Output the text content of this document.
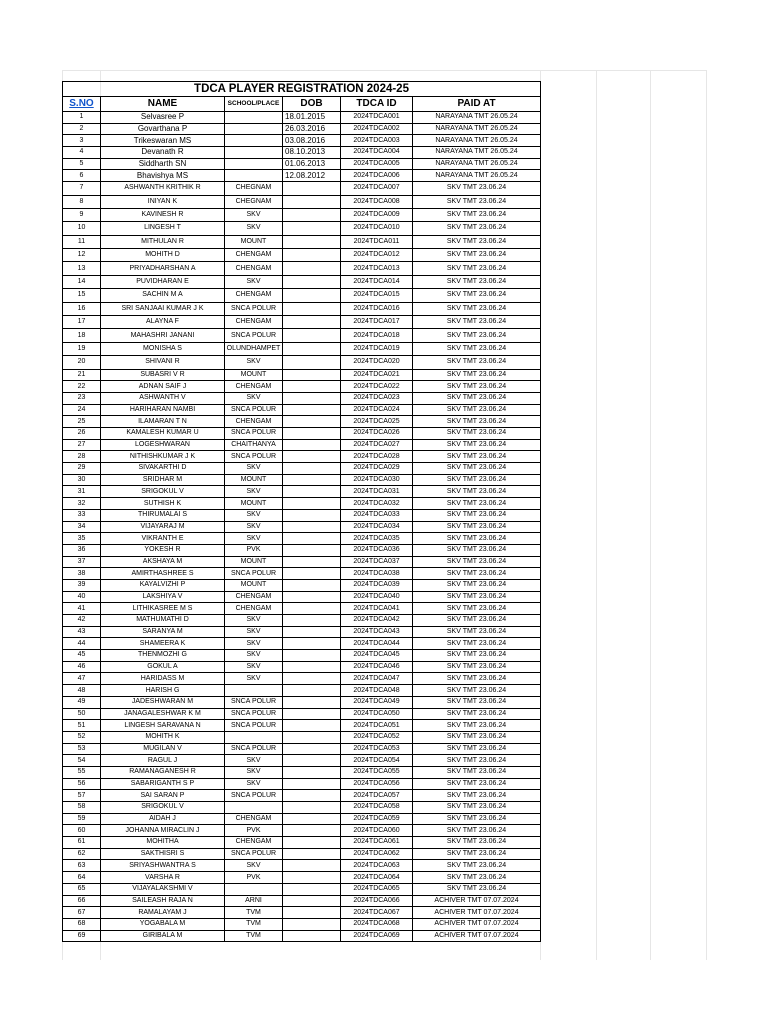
TDCA PLAYER REGISTRATION 2024-25					
S.NO	NAME	SCHOOL/PLACE	DOB	TDCA ID	PAID AT
1	Selvasree P		18.01.2015	2024TDCA001	NARAYANA TMT 26.05.24
2	Govarthana P		26.03.2016	2024TDCA002	NARAYANA TMT 26.05.24
3	Trikeswaran MS		03.08.2016	2024TDCA003	NARAYANA TMT 26.05.24
4	Devanath R		08.10.2013	2024TDCA004	NARAYANA TMT 26.05.24
5	Siddharth SN		01.06.2013	2024TDCA005	NARAYANA TMT 26.05.24
6	Bhavishya MS		12.08.2012	2024TDCA006	NARAYANA TMT 26.05.24
7	ASHWANTH KRITHIK R	CHEGNAM		2024TDCA007	SKV TMT 23.06.24
8	INIYAN K	CHEGNAM		2024TDCA008	SKV TMT 23.06.24
9	KAVINESH R	SKV		2024TDCA009	SKV TMT 23.06.24
10	LINGESH T	SKV		2024TDCA010	SKV TMT 23.06.24
11	MITHULAN R	MOUNT		2024TDCA011	SKV TMT 23.06.24
12	MOHITH D	CHENGAM		2024TDCA012	SKV TMT 23.06.24
13	PRIYADHARSHAN A	CHENGAM		2024TDCA013	SKV TMT 23.06.24
14	PUVIDHARAN E	SKV		2024TDCA014	SKV TMT 23.06.24
15	SACHIN M A	CHENGAM		2024TDCA015	SKV TMT 23.06.24
16	SRI SANJAAI KUMAR J K	SNCA POLUR		2024TDCA016	SKV TMT 23.06.24
17	ALAYNA F	CHENGAM		2024TDCA017	SKV TMT 23.06.24
18	MAHASHRI JANANI	SNCA POLUR		2024TDCA018	SKV TMT 23.06.24
19	MONISHA S	OLUNDHAMPET		2024TDCA019	SKV TMT 23.06.24
20	SHIVANI R	SKV		2024TDCA020	SKV TMT 23.06.24
21	SUBASRI V R	MOUNT		2024TDCA021	SKV TMT 23.06.24
22	ADNAN SAIF J	CHENGAM		2024TDCA022	SKV TMT 23.06.24
23	ASHWANTH V	SKV		2024TDCA023	SKV TMT 23.06.24
24	HARIHARAN NAMBI	SNCA POLUR		2024TDCA024	SKV TMT 23.06.24
25	ILAMARAN T N	CHENGAM		2024TDCA025	SKV TMT 23.06.24
26	KAMALESH KUMAR U	SNCA POLUR		2024TDCA026	SKV TMT 23.06.24
27	LOGESHWARAN	CHAITHANYA		2024TDCA027	SKV TMT 23.06.24
28	NITHISHKUMAR J K	SNCA POLUR		2024TDCA028	SKV TMT 23.06.24
29	SIVAKARTHI D	SKV		2024TDCA029	SKV TMT 23.06.24
30	SRIDHAR M	MOUNT		2024TDCA030	SKV TMT 23.06.24
31	SRIGOKUL V	SKV		2024TDCA031	SKV TMT 23.06.24
32	SUTHISH K	MOUNT		2024TDCA032	SKV TMT 23.06.24
33	THIRUMALAI S	SKV		2024TDCA033	SKV TMT 23.06.24
34	VIJAYARAJ M	SKV		2024TDCA034	SKV TMT 23.06.24
35	VIKRANTH E	SKV		2024TDCA035	SKV TMT 23.06.24
36	YOKESH R	PVK		2024TDCA036	SKV TMT 23.06.24
37	AKSHAYA M	MOUNT		2024TDCA037	SKV TMT 23.06.24
38	AMIRTHASHREE S	SNCA POLUR		2024TDCA038	SKV TMT 23.06.24
39	KAYALVIZHI P	MOUNT		2024TDCA039	SKV TMT 23.06.24
40	LAKSHIYA V	CHENGAM		2024TDCA040	SKV TMT 23.06.24
41	LITHIKASREE M S	CHENGAM		2024TDCA041	SKV TMT 23.06.24
42	MATHUMATHI D	SKV		2024TDCA042	SKV TMT 23.06.24
43	SARANYA M	SKV		2024TDCA043	SKV TMT 23.06.24
44	SHAMEERA K	SKV		2024TDCA044	SKV TMT 23.06.24
45	THENMOZHI G	SKV		2024TDCA045	SKV TMT 23.06.24
46	GOKUL A	SKV		2024TDCA046	SKV TMT 23.06.24
47	HARIDASS M	SKV		2024TDCA047	SKV TMT 23.06.24
48	HARISH G			2024TDCA048	SKV TMT 23.06.24
49	JADESHWARAN M	SNCA POLUR		2024TDCA049	SKV TMT 23.06.24
50	JANAGALESHWAR K M	SNCA POLUR		2024TDCA050	SKV TMT 23.06.24
51	LINGESH SARAVANA N	SNCA POLUR		2024TDCA051	SKV TMT 23.06.24
52	MOHITH K			2024TDCA052	SKV TMT 23.06.24
53	MUGILAN V	SNCA POLUR		2024TDCA053	SKV TMT 23.06.24
54	RAGUL J	SKV		2024TDCA054	SKV TMT 23.06.24
55	RAMANAGANESH R	SKV		2024TDCA055	SKV TMT 23.06.24
56	SABARIGANTH S P	SKV		2024TDCA056	SKV TMT 23.06.24
57	SAI SARAN P	SNCA POLUR		2024TDCA057	SKV TMT 23.06.24
58	SRIGOKUL V			2024TDCA058	SKV TMT 23.06.24
59	AIDAH J	CHENGAM		2024TDCA059	SKV TMT 23.06.24
60	JOHANNA MIRACLIN J	PVK		2024TDCA060	SKV TMT 23.06.24
61	MOHITHA	CHENGAM		2024TDCA061	SKV TMT 23.06.24
62	SAKTHISRI S	SNCA POLUR		2024TDCA062	SKV TMT 23.06.24
63	SRIYASHWANTRA S	SKV		2024TDCA063	SKV TMT 23.06.24
64	VARSHA R	PVK		2024TDCA064	SKV TMT 23.06.24
65	VIJAYALAKSHMI V			2024TDCA065	SKV TMT 23.06.24
66	SAILEASH RAJA N	ARNI		2024TDCA066	ACHIVER TMT 07.07.2024
67	RAMALAYAM J	TVM		2024TDCA067	ACHIVER TMT 07.07.2024
68	YOGABALA M	TVM		2024TDCA068	ACHIVER TMT 07.07.2024
69	GIRIBALA M	TVM		2024TDCA069	ACHIVER TMT 07.07.2024
